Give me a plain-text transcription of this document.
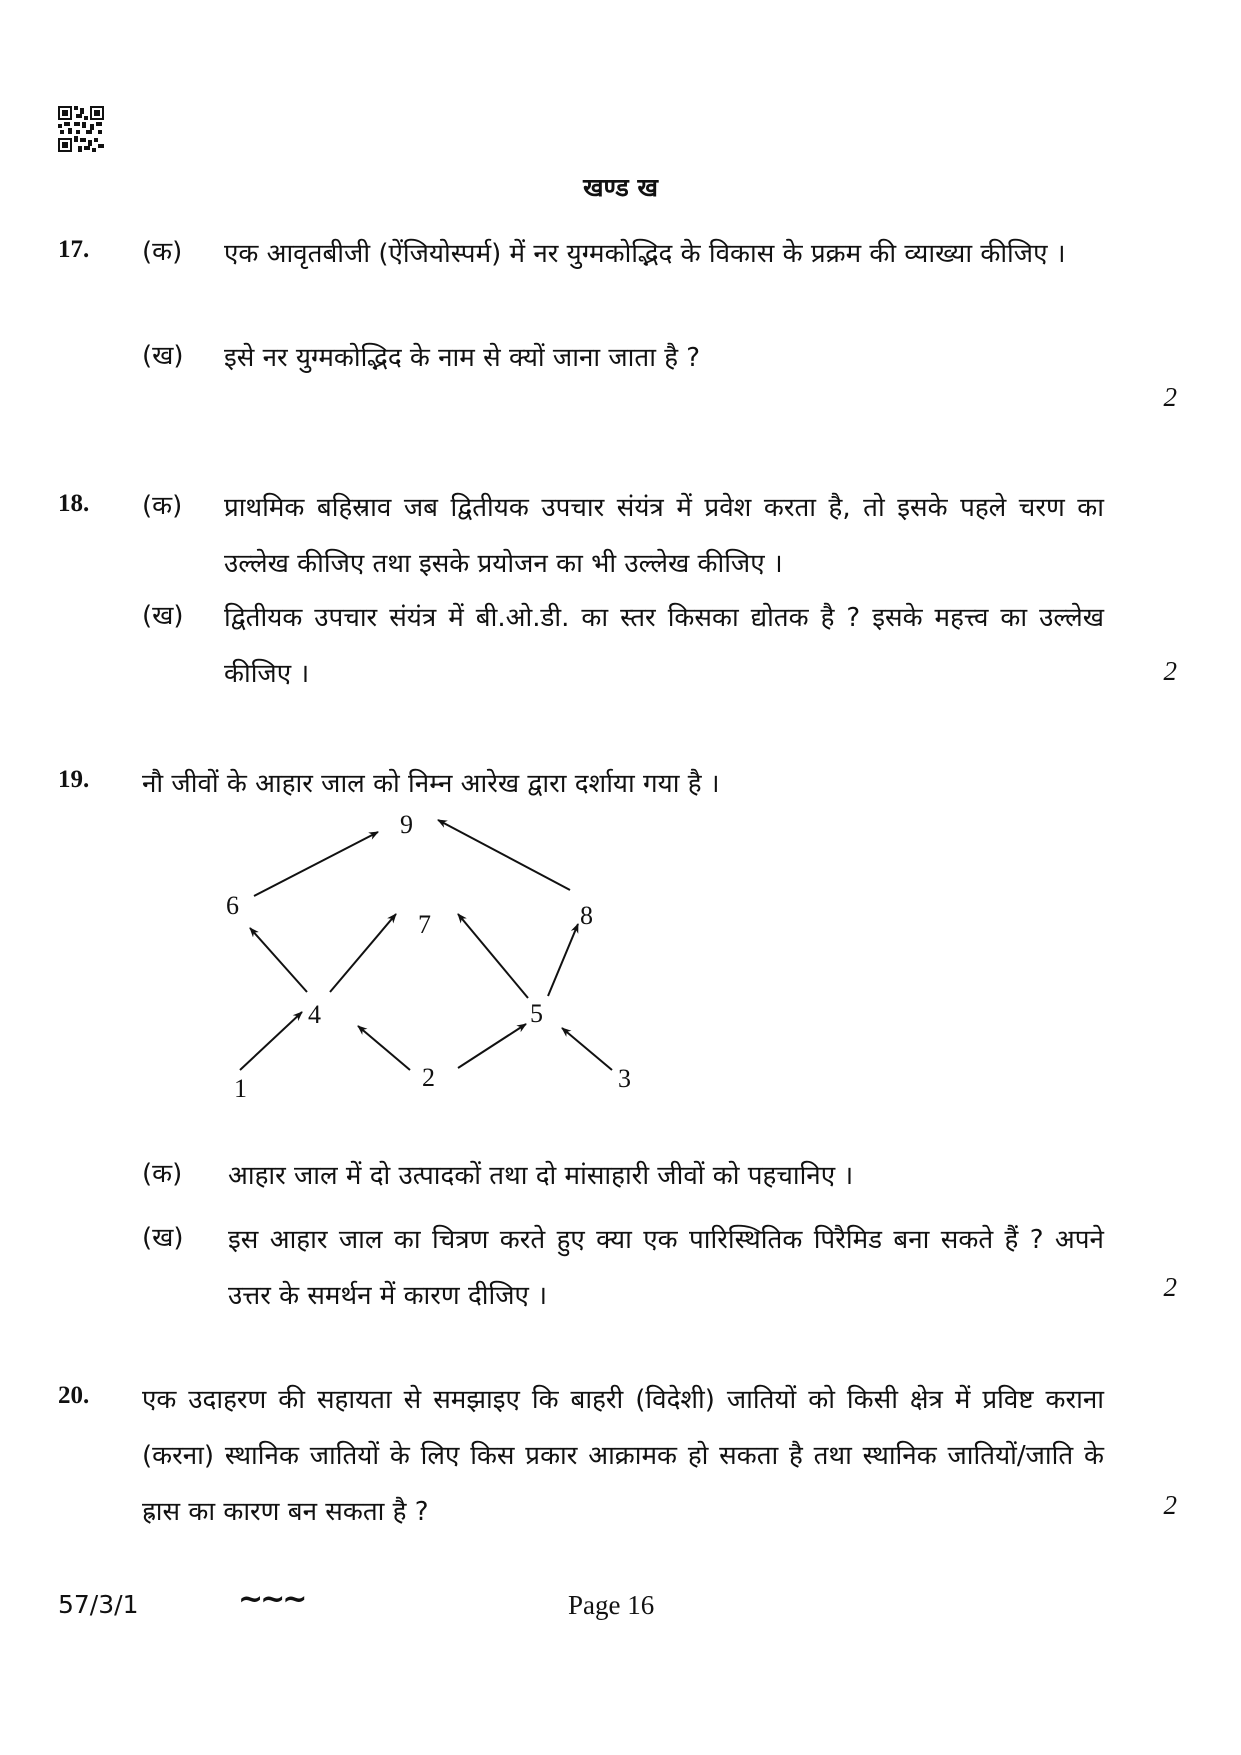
खण्ड ख
17. (क) एक आवृतबीजी (ऐंजियोस्पर्म) में नर युग्मकोद्भिद के विकास के प्रक्रम की व्याख्या कीजिए ।
(ख) इसे नर युग्मकोद्भिद के नाम से क्यों जाना जाता है ?
2
18. (क) प्राथमिक बहिस्राव जब द्वितीयक उपचार संयंत्र में प्रवेश करता है, तो इसके पहले चरण का उल्लेख कीजिए तथा इसके प्रयोजन का भी उल्लेख कीजिए ।
(ख) द्वितीयक उपचार संयंत्र में बी.ओ.डी. का स्तर किसका द्योतक है ? इसके महत्त्व का उल्लेख कीजिए ।	2
19. नौ जीवों के आहार जाल को निम्न आरेख द्वारा दर्शाया गया है ।
9
6
7	8
4	5
1	2	3
(क) आहार जाल में दो उत्पादकों तथा दो मांसाहारी जीवों को पहचानिए ।
(ख) इस आहार जाल का चित्रण करते हुए क्या एक पारिस्थितिक पिरैमिड बना सकते हैं ? अपने उत्तर के समर्थन में कारण दीजिए ।	2
20. एक उदाहरण की सहायता से समझाइए कि बाहरी (विदेशी) जातियों को किसी क्षेत्र में प्रविष्ट कराना (करना) स्थानिक जातियों के लिए किस प्रकार आक्रामक हो सकता है तथा स्थानिक जातियों/जाति के ह्रास का कारण बन सकता है ?	2
57/3/1	~~~	Page 16
